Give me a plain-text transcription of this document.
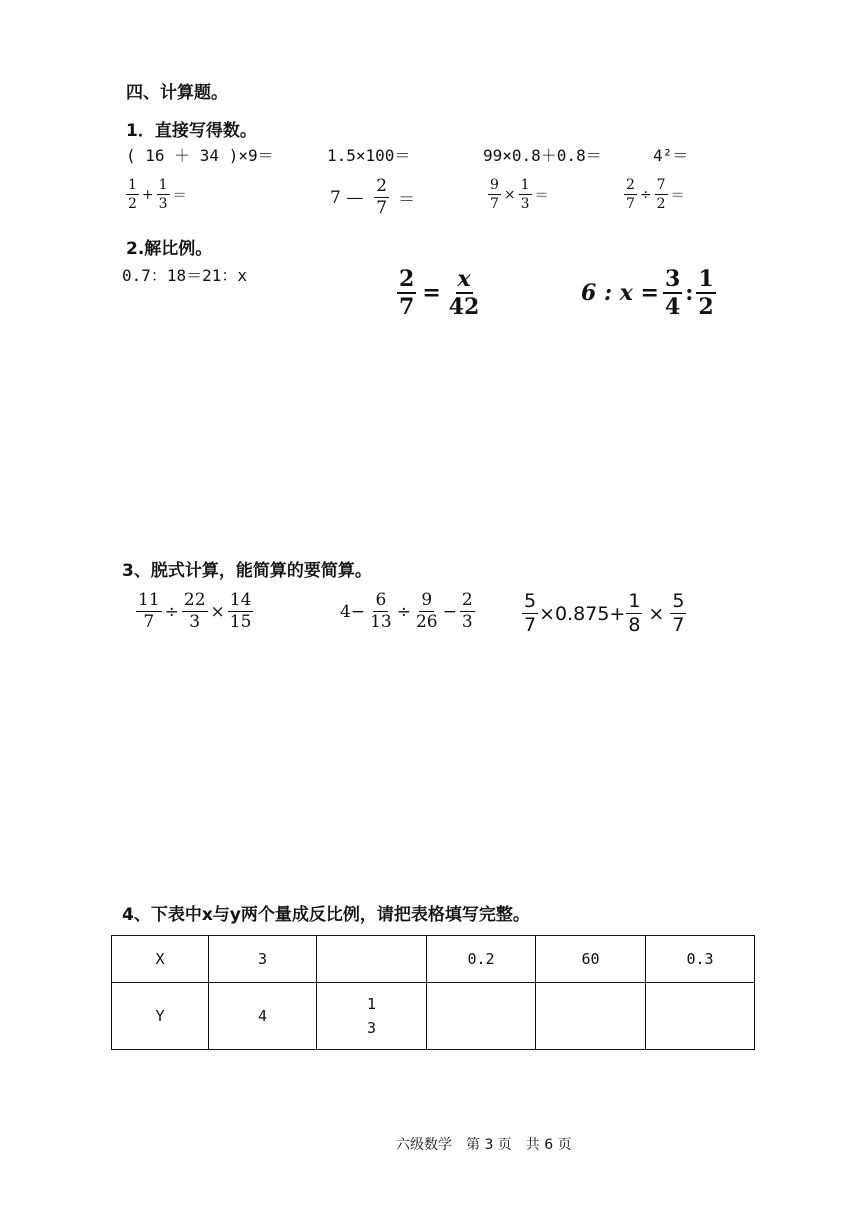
四、计算题。
1．直接写得数。
( 16 ＋ 34 )×9＝	1.5×100＝	99×0.8＋0.8＝	4²＝
$\frac{1}{2} + \frac{1}{3}$ ＝	7 — $\frac{2}{7}$ ＝	$\frac{9}{7} \times \frac{1}{3}$ ＝	$\frac{2}{7} \div \frac{7}{2}$ ＝
2.解比例。
0.7：18＝21：x	$\frac{2}{7} = \frac{x}{42}$	6 : $x = \frac{3}{4}$ : $\frac{1}{2}$
3、脱式计算，能简算的要简算。
$\frac{11}{7} \div \frac{22}{3} \times \frac{14}{15}$	$4- \frac{6}{13} \div \frac{9}{26} - \frac{2}{3} \frac{5}{7} \times 0.875+ \frac{1}{8} \times \frac{5}{7}$
4、下表中x与y两个量成反比例，请把表格填写完整。
X	3		0.2	60	0.3
Y	4	1
3			

六级数学　第 3 页　共 6 页
